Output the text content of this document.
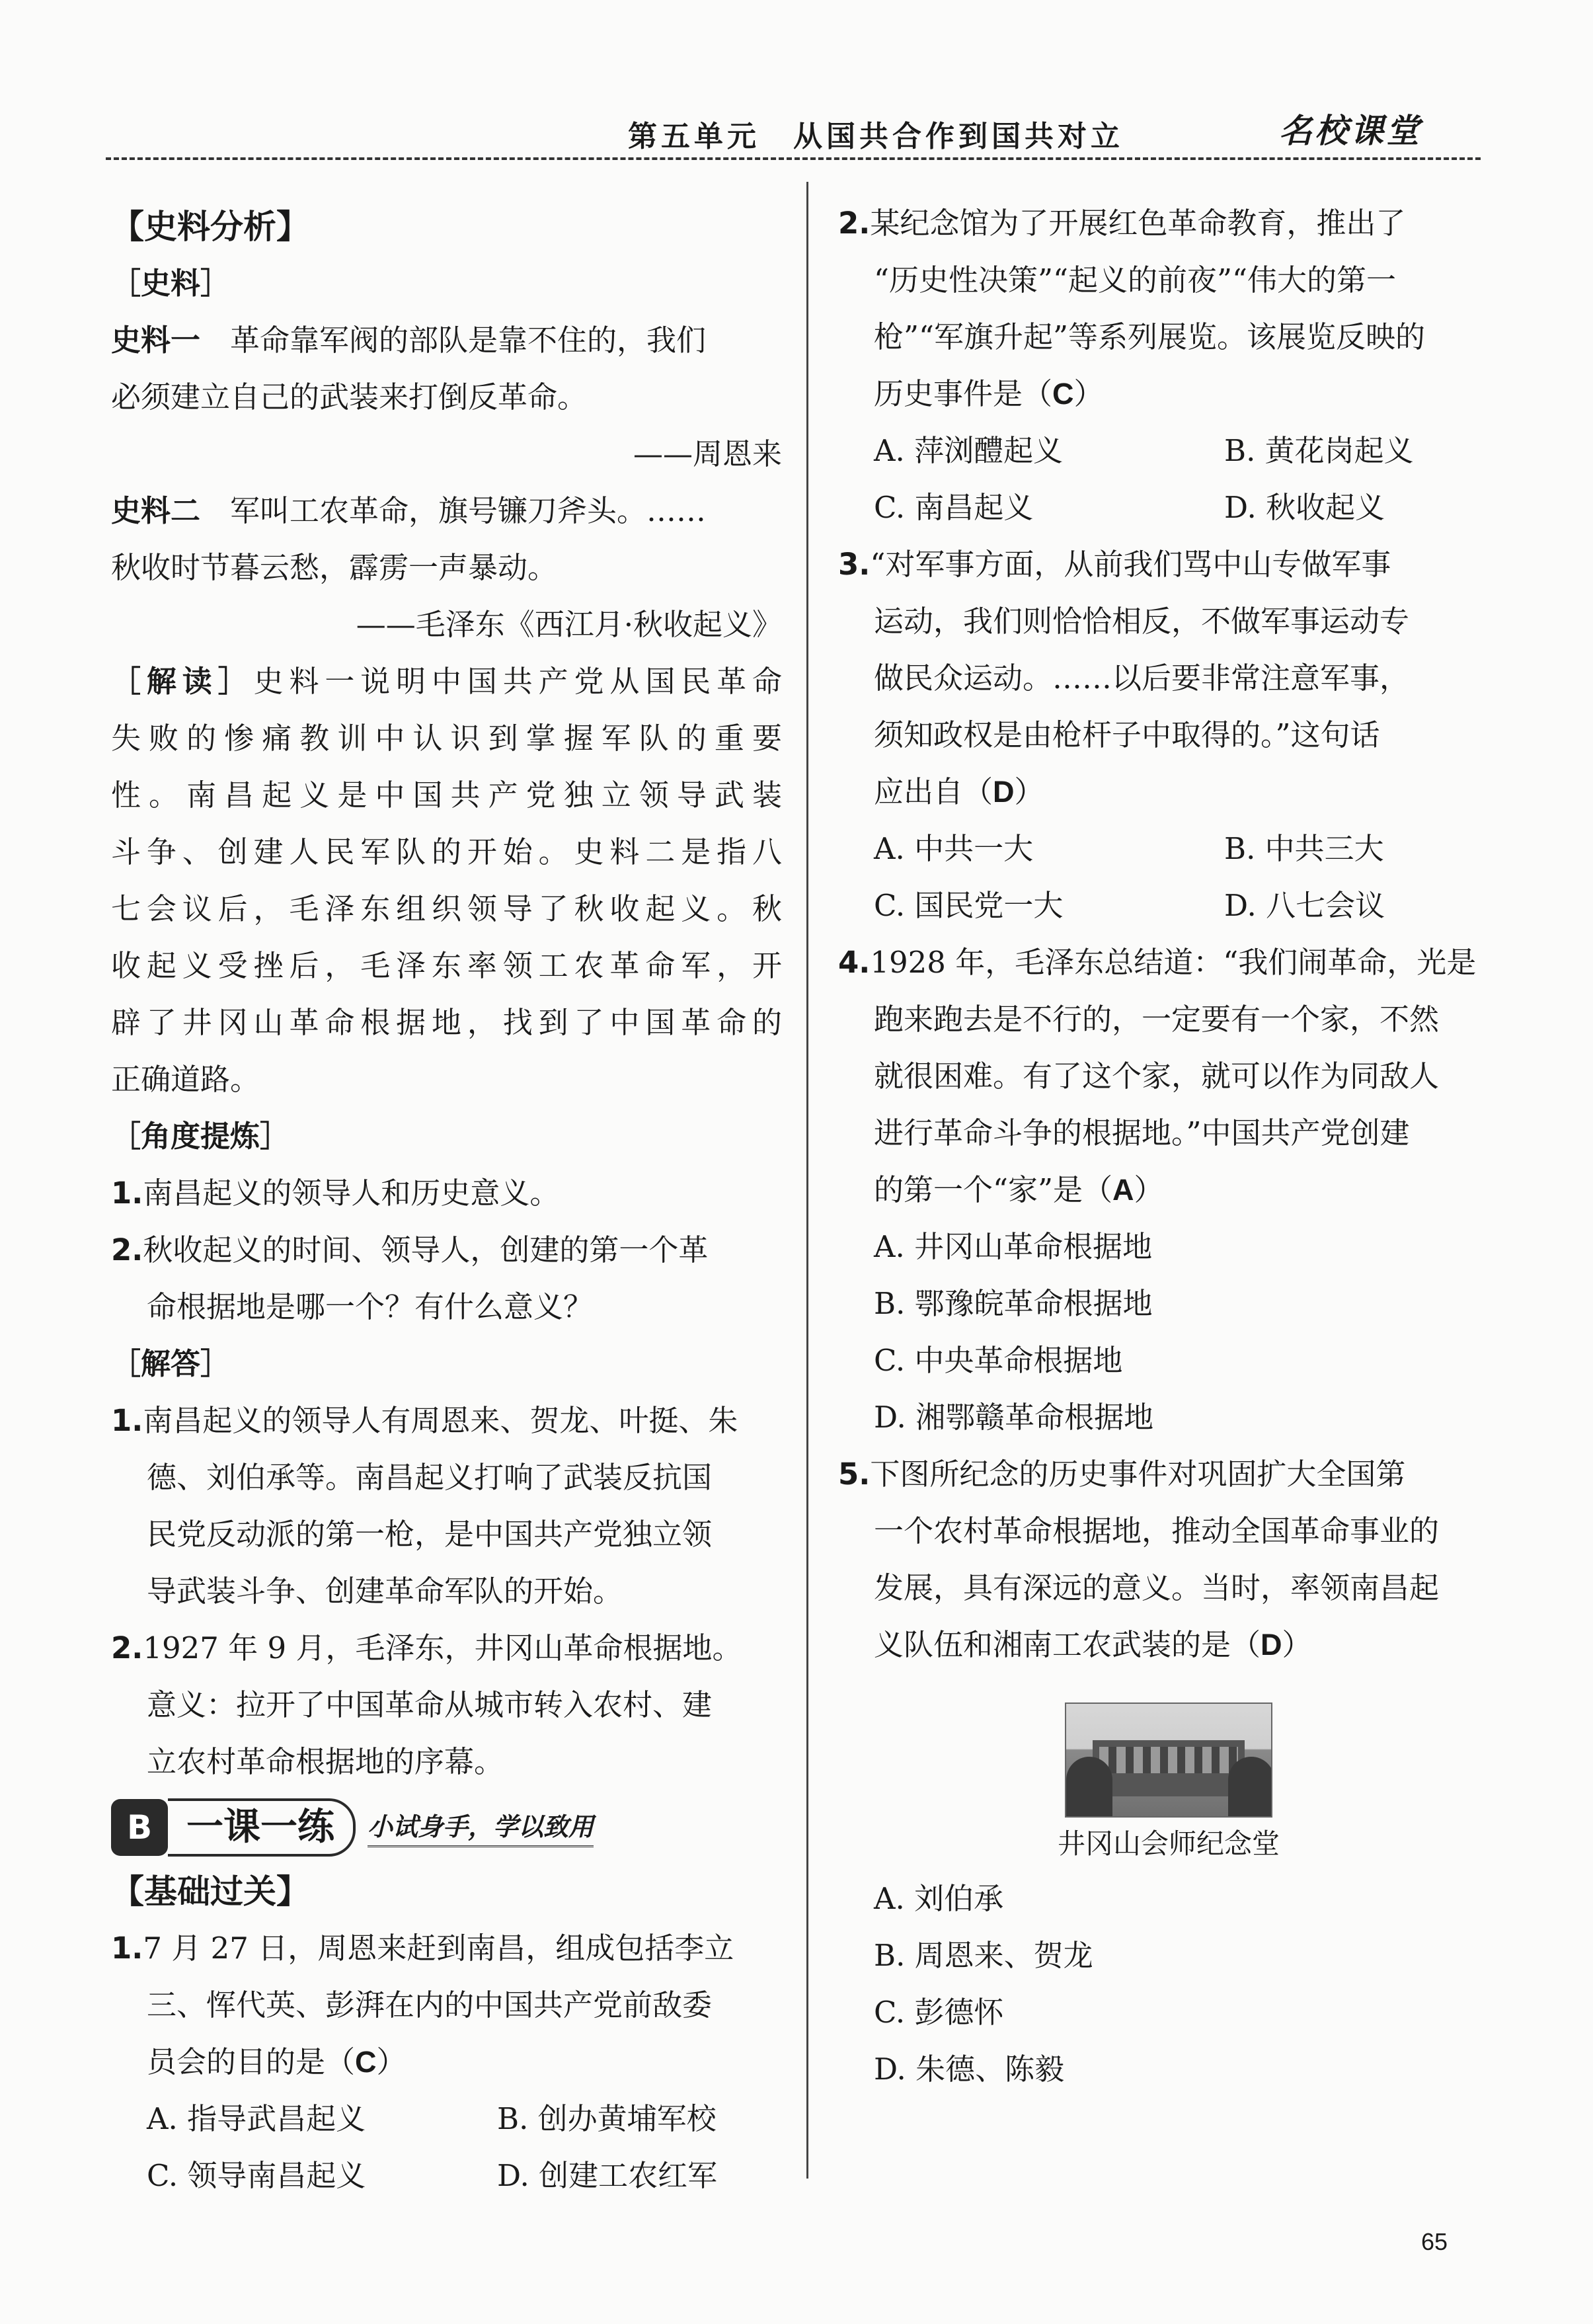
第五单元　从国共合作到国共对立	名校课堂
【史料分析】
［史料］
史料一　革命靠军阀的部队是靠不住的，我们
必须建立自己的武装来打倒反革命。
——周恩来
史料二　军叫工农革命，旗号镰刀斧头。……
秋收时节暮云愁，霹雳一声暴动。
——毛泽东《西江月·秋收起义》
［解读］史料一说明中国共产党从国民革命
失败的惨痛教训中认识到掌握军队的重要
性。南昌起义是中国共产党独立领导武装
斗争、创建人民军队的开始。史料二是指八
七会议后，毛泽东组织领导了秋收起义。秋
收起义受挫后，毛泽东率领工农革命军，开
辟了井冈山革命根据地，找到了中国革命的
正确道路。
［角度提炼］
1.南昌起义的领导人和历史意义。
2.秋收起义的时间、领导人，创建的第一个革
命根据地是哪一个？有什么意义？
［解答］
1.南昌起义的领导人有周恩来、贺龙、叶挺、朱
德、刘伯承等。南昌起义打响了武装反抗国
民党反动派的第一枪，是中国共产党独立领
导武装斗争、创建革命军队的开始。
2.1927 年 9 月，毛泽东，井冈山革命根据地。
意义：拉开了中国革命从城市转入农村、建
立农村革命根据地的序幕。
B 一课一练	小试身手，学以致用
【基础过关】
1.7 月 27 日，周恩来赶到南昌，组成包括李立
三、恽代英、彭湃在内的中国共产党前敌委
员会的目的是（C）
A. 指导武昌起义	B. 创办黄埔军校
C. 领导南昌起义	D. 创建工农红军
2.某纪念馆为了开展红色革命教育，推出了
“历史性决策”“起义的前夜”“伟大的第一
枪”“军旗升起”等系列展览。该展览反映的
历史事件是（C）
A. 萍浏醴起义	B. 黄花岗起义
C. 南昌起义	D. 秋收起义
3.“对军事方面，从前我们骂中山专做军事
运动，我们则恰恰相反，不做军事运动专
做民众运动。……以后要非常注意军事，
须知政权是由枪杆子中取得的。”这句话
应出自（D）
A. 中共一大	B. 中共三大
C. 国民党一大	D. 八七会议
4.1928 年，毛泽东总结道：“我们闹革命，光是
跑来跑去是不行的，一定要有一个家，不然
就很困难。有了这个家，就可以作为同敌人
进行革命斗争的根据地。”中国共产党创建
的第一个“家”是（A）
A. 井冈山革命根据地
B. 鄂豫皖革命根据地
C. 中央革命根据地
D. 湘鄂赣革命根据地
5.下图所纪念的历史事件对巩固扩大全国第
一个农村革命根据地，推动全国革命事业的
发展，具有深远的意义。当时，率领南昌起
义队伍和湘南工农武装的是（D）
井冈山会师纪念堂
A. 刘伯承
B. 周恩来、贺龙
C. 彭德怀
D. 朱德、陈毅
65
